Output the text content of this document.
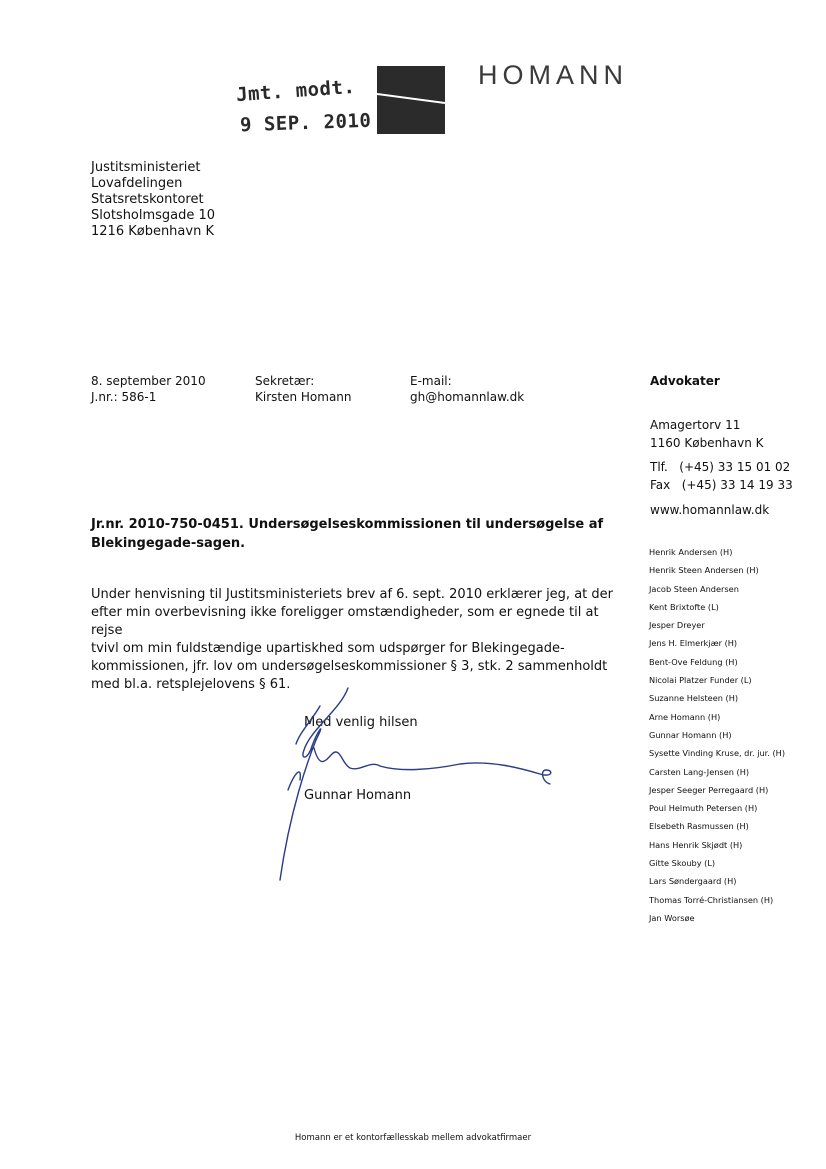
Jmt. modt.
9 SEP. 2010
HOMANN
Justitsministeriet
Lovafdelingen
Statsretskontoret
Slotsholmsgade 10
1216 København K
8. september 2010
J.nr.: 586-1
Sekretær:
Kirsten Homann
E-mail:
gh@homannlaw.dk
Advokater
Amagertorv 11
1160 København K
Tlf.   (+45) 33 15 01 02
Fax   (+45) 33 14 19 33
www.homannlaw.dk
Jr.nr. 2010-750-0451. Undersøgelseskommissionen til undersøgelse af Blekingegade-sagen.
Under henvisning til Justitsministeriets brev af 6. sept. 2010 erklærer jeg, at der
efter min overbevisning ikke foreligger omstændigheder, som er egnede til at rejse
tvivl om min fuldstændige upartiskhed som udspørger for Blekingegade-
kommissionen, jfr. lov om undersøgelseskommissioner § 3, stk. 2 sammenholdt
med bl.a. retsplejelovens § 61.
Med venlig hilsen
Gunnar Homann
Henrik Andersen (H)
Henrik Steen Andersen (H)
Jacob Steen Andersen
Kent Brixtofte (L)
Jesper Dreyer
Jens H. Elmerkjær (H)
Bent-Ove Feldung (H)
Nicolai Platzer Funder (L)
Suzanne Helsteen (H)
Arne Homann (H)
Gunnar Homann (H)
Sysette Vinding Kruse, dr. jur. (H)
Carsten Lang-Jensen (H)
Jesper Seeger Perregaard (H)
Poul Helmuth Petersen (H)
Elsebeth Rasmussen (H)
Hans Henrik Skjødt (H)
Gitte Skouby (L)
Lars Søndergaard (H)
Thomas Torré-Christiansen (H)
Jan Worsøe
Homann er et kontorfællesskab mellem advokatfirmaer
